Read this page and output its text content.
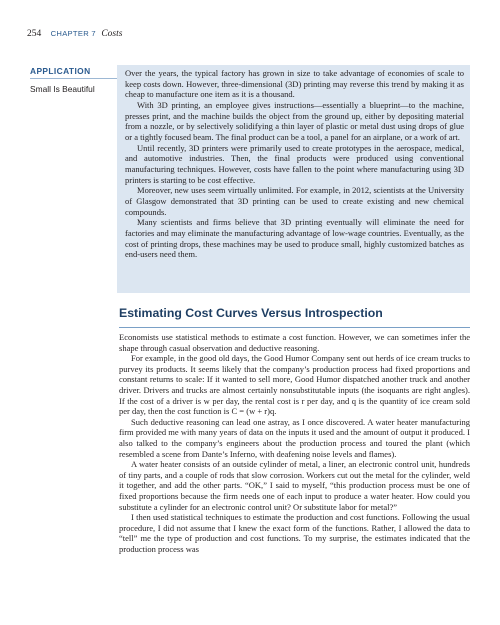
254 CHAPTER 7 Costs
APPLICATION
Small Is Beautiful

Over the years, the typical factory has grown in size to take advantage of economies of scale to keep costs down. However, three-dimensional (3D) printing may reverse this trend by making it as cheap to manufacture one item as it is a thousand.

With 3D printing, an employee gives instructions—essentially a blueprint—to the machine, presses print, and the machine builds the object from the ground up, either by depositing material from a nozzle, or by selectively solidifying a thin layer of plastic or metal dust using drops of glue or a tightly focused beam. The final product can be a tool, a panel for an airplane, or a work of art.

Until recently, 3D printers were primarily used to create prototypes in the aerospace, medical, and automotive industries. Then, the final products were produced using conventional manufacturing techniques. However, costs have fallen to the point where manufacturing using 3D printers is starting to be cost effective.

Moreover, new uses seem virtually unlimited. For example, in 2012, scientists at the University of Glasgow demonstrated that 3D printing can be used to create existing and new chemical compounds.

Many scientists and firms believe that 3D printing eventually will eliminate the need for factories and may eliminate the manufacturing advantage of low-wage countries. Eventually, as the cost of printing drops, these machines may be used to produce small, highly customized batches as end-users need them.

Estimating Cost Curves Versus Introspection

Economists use statistical methods to estimate a cost function. However, we can sometimes infer the shape through casual observation and deductive reasoning.

For example, in the good old days, the Good Humor Company sent out herds of ice cream trucks to purvey its products. It seems likely that the company’s production process had fixed proportions and constant returns to scale: If it wanted to sell more, Good Humor dispatched another truck and another driver. Drivers and trucks are almost certainly nonsubstitutable inputs (the isoquants are right angles). If the cost of a driver is w per day, the rental cost is r per day, and q is the quantity of ice cream sold per day, then the cost function is C = (w + r)q.

Such deductive reasoning can lead one astray, as I once discovered. A water heater manufacturing firm provided me with many years of data on the inputs it used and the amount of output it produced. I also talked to the company’s engineers about the production process and toured the plant (which resembled a scene from Dante’s Inferno, with deafening noise levels and flames).

A water heater consists of an outside cylinder of metal, a liner, an electronic control unit, hundreds of tiny parts, and a couple of rods that slow corrosion. Workers cut out the metal for the cylinder, weld it together, and add the other parts. “OK,” I said to myself, “this production process must be one of fixed proportions because the firm needs one of each input to produce a water heater. How could you substitute a cylinder for an electronic control unit? Or substitute labor for metal?”

I then used statistical techniques to estimate the production and cost functions. Following the usual procedure, I did not assume that I knew the exact form of the functions. Rather, I allowed the data to “tell” me the type of production and cost functions. To my surprise, the estimates indicated that the production process was
